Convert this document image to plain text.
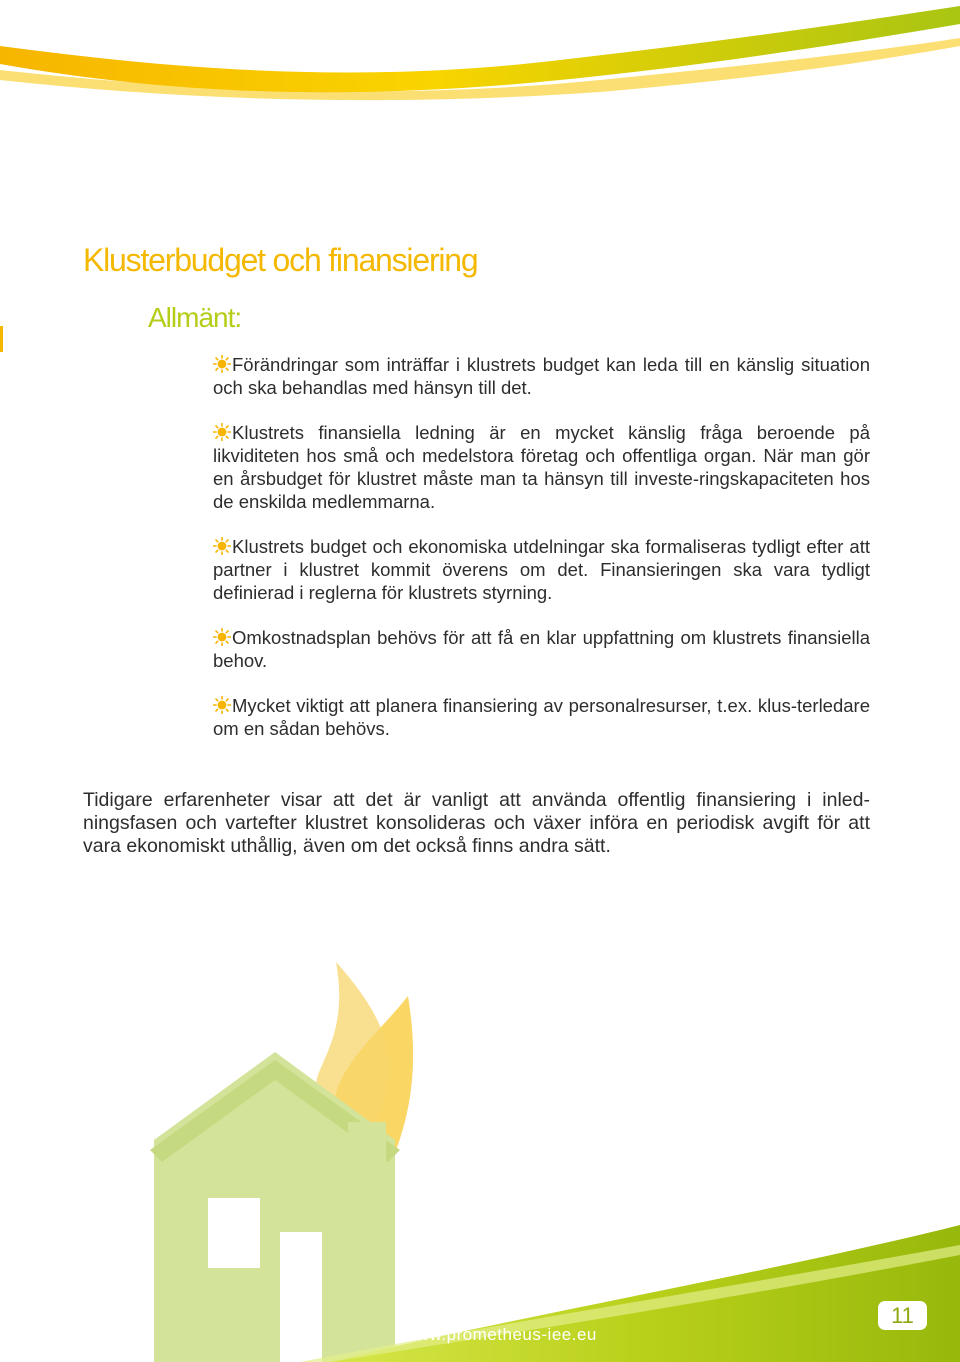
Klusterbudget och finansiering
Allmänt:
Förändringar som inträffar i klustrets budget kan leda till en känslig situation och ska behandlas med hänsyn till det.
Klustrets finansiella ledning är en mycket känslig fråga beroende på likviditeten hos små och medelstora företag och offentliga organ. När man gör en årsbudget för klustret måste man ta hänsyn till investe-ringskapaciteten hos de enskilda medlemmarna.
Klustrets budget och ekonomiska utdelningar ska formaliseras tydligt efter att partner i klustret kommit överens om det. Finansieringen ska vara tydligt definierad i reglerna för klustrets styrning.
Omkostnadsplan behövs för att få en klar uppfattning om klustrets finansiella behov.
Mycket viktigt att planera finansiering av personalresurser, t.ex. klus-terledare om en sådan behövs.

Tidigare erfarenheter visar att det är vanligt att använda offentlig finansiering i inled-ningsfasen och vartefter klustret konsolideras och växer införa en periodisk avgift för att vara ekonomiskt uthållig, även om det också finns andra sätt.

www.prometheus-iee.eu
11
